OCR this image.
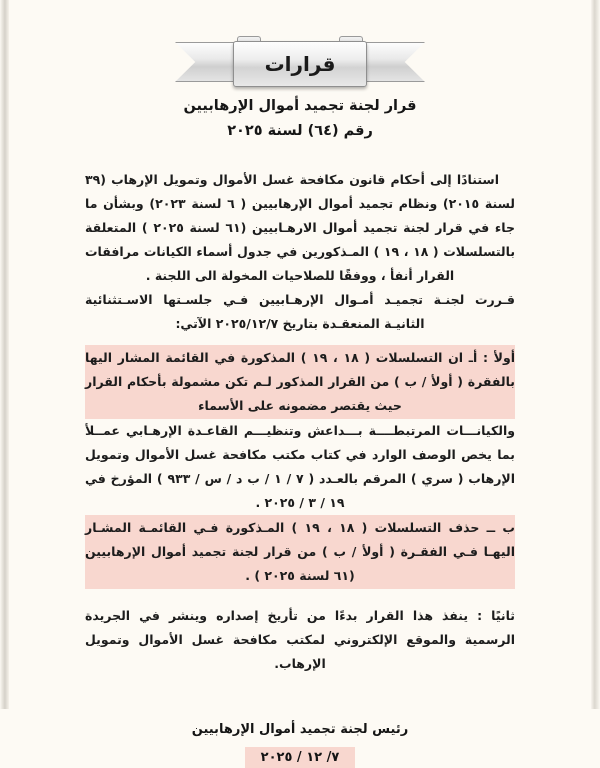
قرارات
قرار لجنة تجميد أموال الإرهابيين
رقم (٦٤) لسنة ٢٠٢٥

استنادًا إلى أحكام قانون مكافحة غسل الأموال وتمويل الإرهاب (٣٩ لسنة ٢٠١٥) ونظام تجميد أموال الإرهابيين ( ٦ لسنة ٢٠٢٣) وبشأن ما جاء في قرار لجنة تجميد أموال الارهـابيين (٦١ لسنة ٢٠٢٥ ) المتعلقة بالتسلسلات ( ١٨ ، ١٩ ) المـذكورين في جدول أسماء الكيانات مرافقات القرار أنفأ ، ووفقًا للصلاحيات المخولة الى اللجنة .

قـررت لجنـة تجميـد أمـوال الإرهـابيين فـي جلسـتها الاسـتثنائية الثانيـة المنعقـدة بتاريخ ٢٠٢٥/١٢/٧ الآتي:

أولأ : أـ ان التسلسلات ( ١٨ ، ١٩ ) المذكورة في القائمة المشار اليها بالفقرة ( أولأ / ب ) من القرار المذكور لـم تكن مشمولة بأحكام القرار حيث يقتصر مضمونه على الأسماء

والكيانـــات المرتبطــــة بـــداعش وتنظيـــم القاعـدة الإرهـابي عمــلأ بما يخص الوصف الوارد في كتاب مكتب مكافحة غسل الأموال وتمويل الإرهاب ( سري ) المرقم بالعـدد ( ٧ / ١ / ب د / س / ٩٣٣ ) المؤرخ في ١٩ / ٣ / ٢٠٢٥ .

ب ــ حذف التسلسلات ( ١٨ ، ١٩ ) المـذكورة فـي القائمـة المشـار اليهـا فـي الفقـرة ( أولأ / ب ) من قرار لجنة تجميد أموال الإرهابيين (٦١ لسنة ٢٠٢٥ ) .

ثانيًا : ينفذ هذا القرار بدءًا من تأريخ إصداره وينشر في الجريدة الرسمية والموقع الإلكتروني لمكتب مكافحة غسل الأموال وتمويل الإرهاب.

رئيس لجنة تجميد أموال الإرهابيين
٧/ ١٢ / ٢٠٢٥
